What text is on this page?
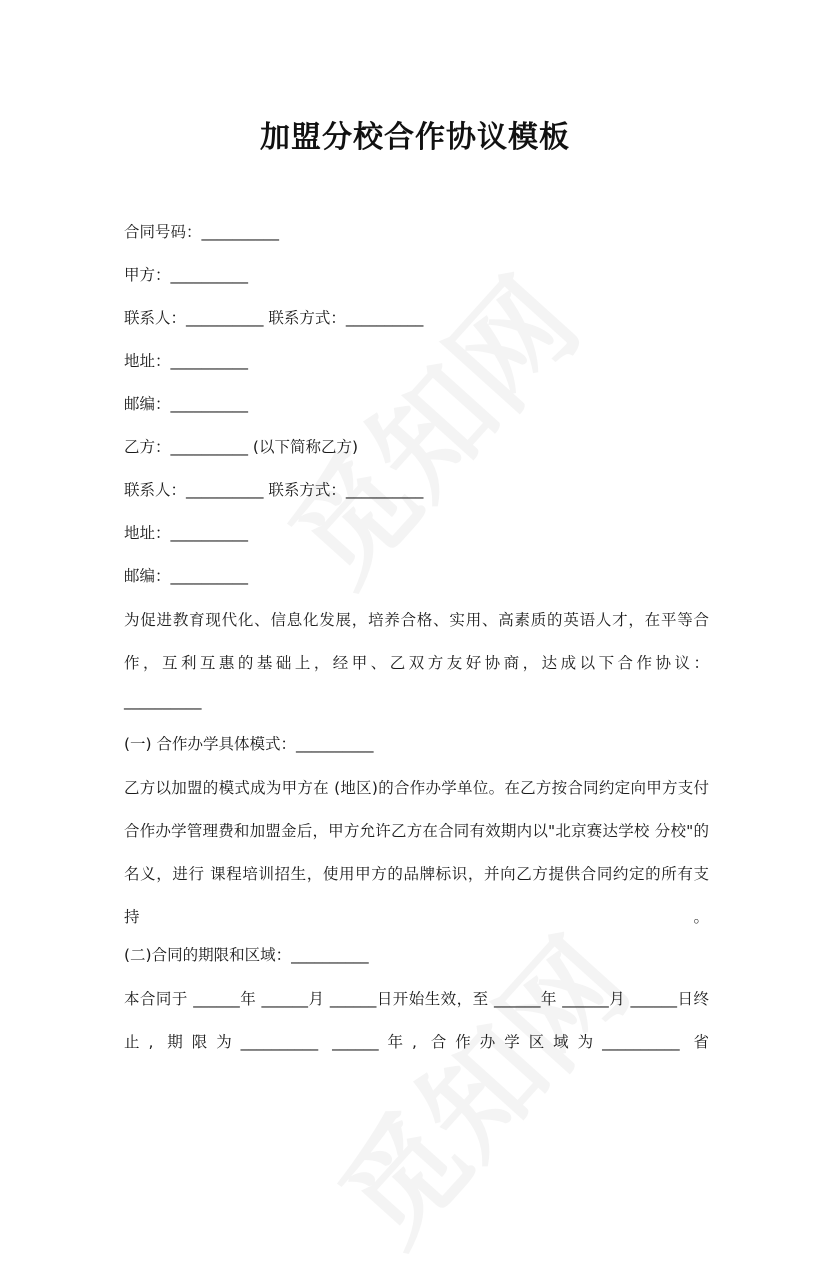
加盟分校合作协议模板
合同号码：__________
甲方：__________
联系人：__________ 联系方式：__________
地址：__________
邮编：__________
乙方：__________ (以下简称乙方)
联系人：__________ 联系方式：__________
地址：__________
邮编：__________
为促进教育现代化、信息化发展，培养合格、实用、高素质的英语人才，在平等合作，互利互惠的基础上，经甲、乙双方友好协商，达成以下合作协议：
__________
(一) 合作办学具体模式：__________
乙方以加盟的模式成为甲方在 (地区)的合作办学单位。在乙方按合同约定向甲方支付合作办学管理费和加盟金后，甲方允许乙方在合同有效期内以"北京赛达学校 分校"的名义，进行 课程培训招生，使用甲方的品牌标识，并向乙方提供合同约定的所有支持。
(二)合同的期限和区域：__________
本合同于 ______年 ______月 ______日开始生效，至 ______年 ______月 ______日终止, 期限为__________ ______年, 合作办学区域为__________ 省
